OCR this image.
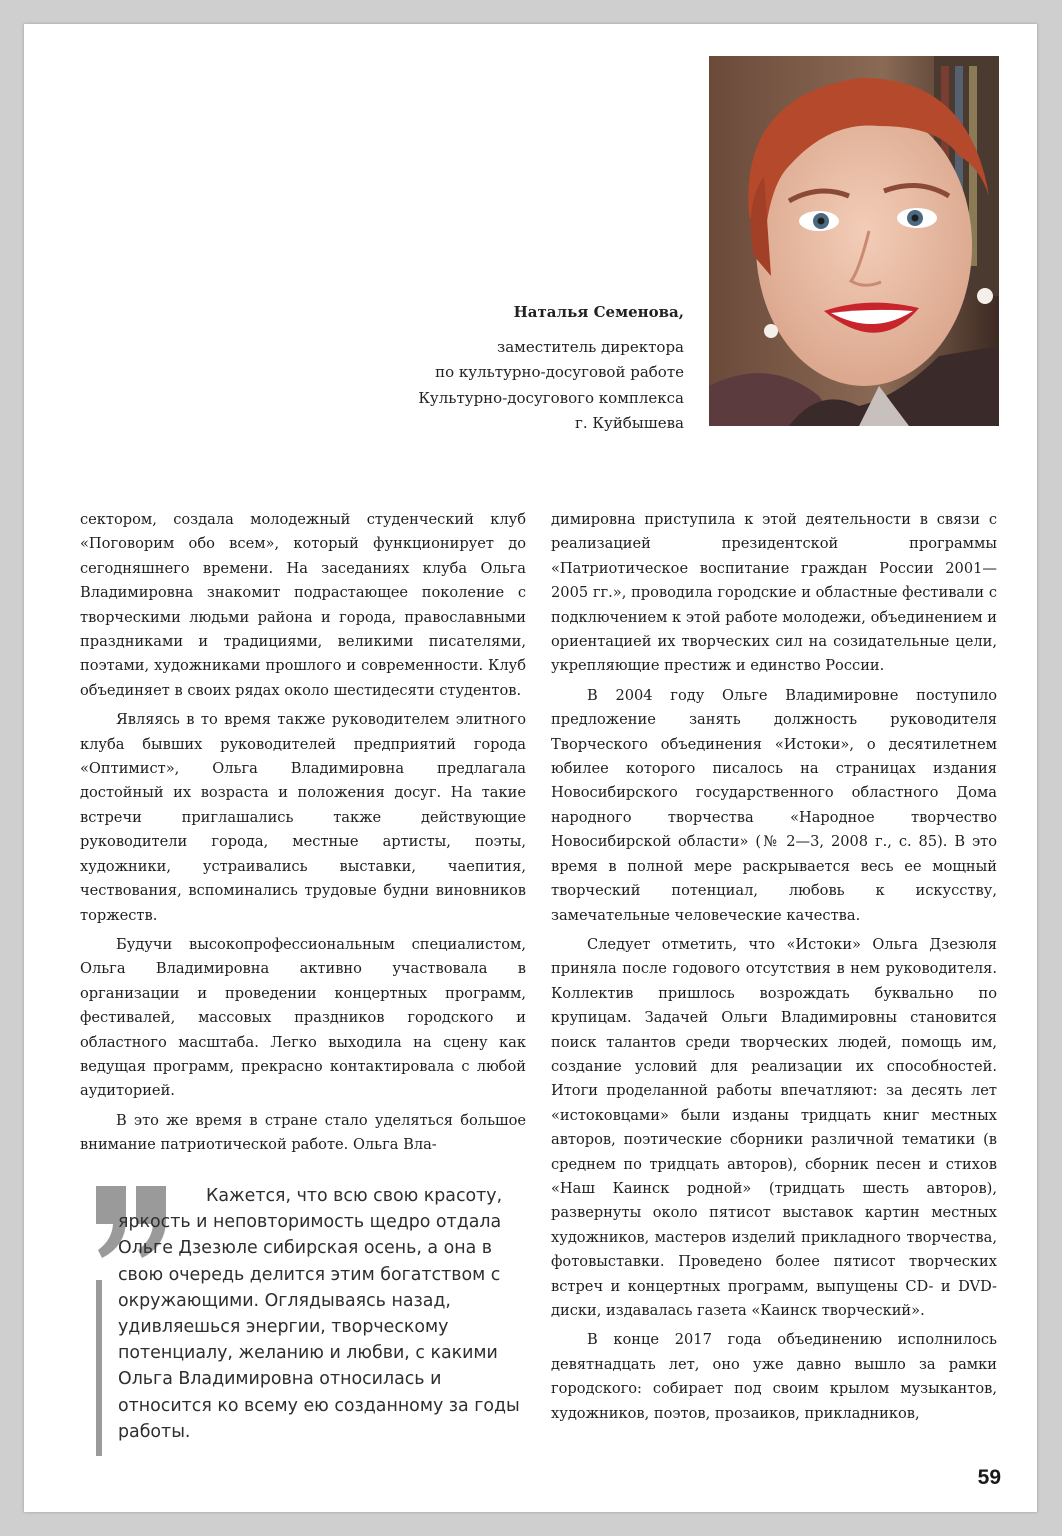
Наталья Семенова,
заместитель директора
по культурно-досуговой работе
Культурно-досугового комплекса
г. Куйбышева

сектором, создала молодежный студенческий клуб «Поговорим обо всем», который функционирует до сегодняшнего времени. На заседаниях клуба Ольга Владимировна знакомит подрастающее поколение с творческими людьми района и города, православными праздниками и традициями, великими писателями, поэтами, художниками прошлого и современности. Клуб объединяет в своих рядах около шестидесяти студентов.

Являясь в то время также руководителем элитного клуба бывших руководителей предприятий города «Оптимист», Ольга Владимировна предлагала достойный их возраста и положения досуг. На такие встречи приглашались также действующие руководители города, местные артисты, поэты, художники, устраивались выставки, чаепития, чествования, вспоминались трудовые будни виновников торжеств.

Будучи высокопрофессиональным специалистом, Ольга Владимировна активно участвовала в организации и проведении концертных программ, фестивалей, массовых праздников городского и областного масштаба. Легко выходила на сцену как ведущая программ, прекрасно контактировала с любой аудиторией.

В это же время в стране стало уделяться большое внимание патриотической работе. Ольга Вла-

димировна приступила к этой деятельности в связи с реализацией президентской программы «Патриотическое воспитание граждан России 2001—2005 гг.», проводила городские и областные фестивали с подключением к этой работе молодежи, объединением и ориентацией их творческих сил на созидательные цели, укрепляющие престиж и единство России.

В 2004 году Ольге Владимировне поступило предложение занять должность руководителя Творческого объединения «Истоки», о десятилетнем юбилее которого писалось на страницах издания Новосибирского государственного областного Дома народного творчества «Народное творчество Новосибирской области» (№ 2—3, 2008 г., с. 85). В это время в полной мере раскрывается весь ее мощный творческий потенциал, любовь к искусству, замечательные человеческие качества.

Следует отметить, что «Истоки» Ольга Дзезюля приняла после годового отсутствия в нем руководителя. Коллектив пришлось возрождать буквально по крупицам. Задачей Ольги Владимировны становится поиск талантов среди творческих людей, помощь им, создание условий для реализации их способностей. Итоги проделанной работы впечатляют: за десять лет «истоковцами» были изданы тридцать книг местных авторов, поэтические сборники различной тематики (в среднем по тридцать авторов), сборник песен и стихов «Наш Каинск родной» (тридцать шесть авторов), развернуты около пятисот выставок картин местных художников, мастеров изделий прикладного творчества, фотовыставки. Проведено более пятисот творческих встреч и концертных программ, выпущены CD- и DVD-диски, издавалась газета «Каинск творческий».

В конце 2017 года объединению исполнилось девятнадцать лет, оно уже давно вышло за рамки городского: собирает под своим крылом музыкантов, художников, поэтов, прозаиков, прикладников,

Кажется, что всю свою красоту, яркость и неповторимость щедро отдала Ольге Дзезюле сибирская осень, а она в свою очередь делится этим богатством с окружающими. Оглядываясь назад, удивляешься энергии, творческому потенциалу, желанию и любви, с какими Ольга Владимировна относилась и относится ко всему ею созданному за годы работы.
59
